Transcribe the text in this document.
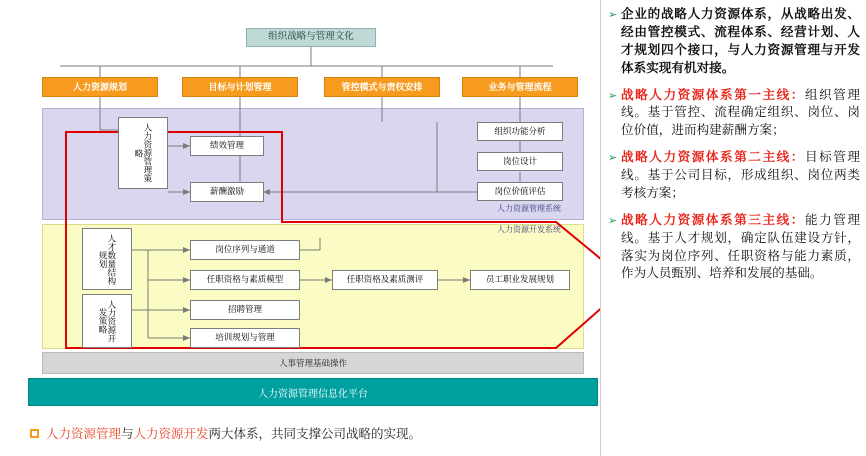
组织战略与管理文化
人力资源规划	目标与计划管理	管控模式与责权安排	业务与管理流程
人力资源管理系统
人力资源开发系统
人力资源管理策略
人才数量结构规划
人力资源开发策略
绩效管理
薪酬激励
组织功能分析
岗位设计
岗位价值评估
岗位序列与通道
任职资格与素质模型
招聘管理
培训规划与管理
任职资格及素质测评	员工职业发展规划
人事管理基础操作
人力资源管理信息化平台
人力资源管理 与 人力资源开发 两大体系，共同支撑公司战略的实现。
➢ 企业的战略人力资源体系，从战略出发、经由管控模式、流程体系、经营计划、人才规划四个接口，与人力资源管理与开发体系实现有机对接。
➢ 战略人力资源体系第一主线：组织管理线。基于管控、流程确定组织、岗位、岗位价值，进而构建薪酬方案；
➢ 战略人力资源体系第二主线：目标管理线。基于公司目标，形成组织、岗位两类考核方案；
➢ 战略人力资源体系第三主线：能力管理线。基于人才规划，确定队伍建设方针，落实为岗位序列、任职资格与能力素质，作为人员甄别、培养和发展的基础。
